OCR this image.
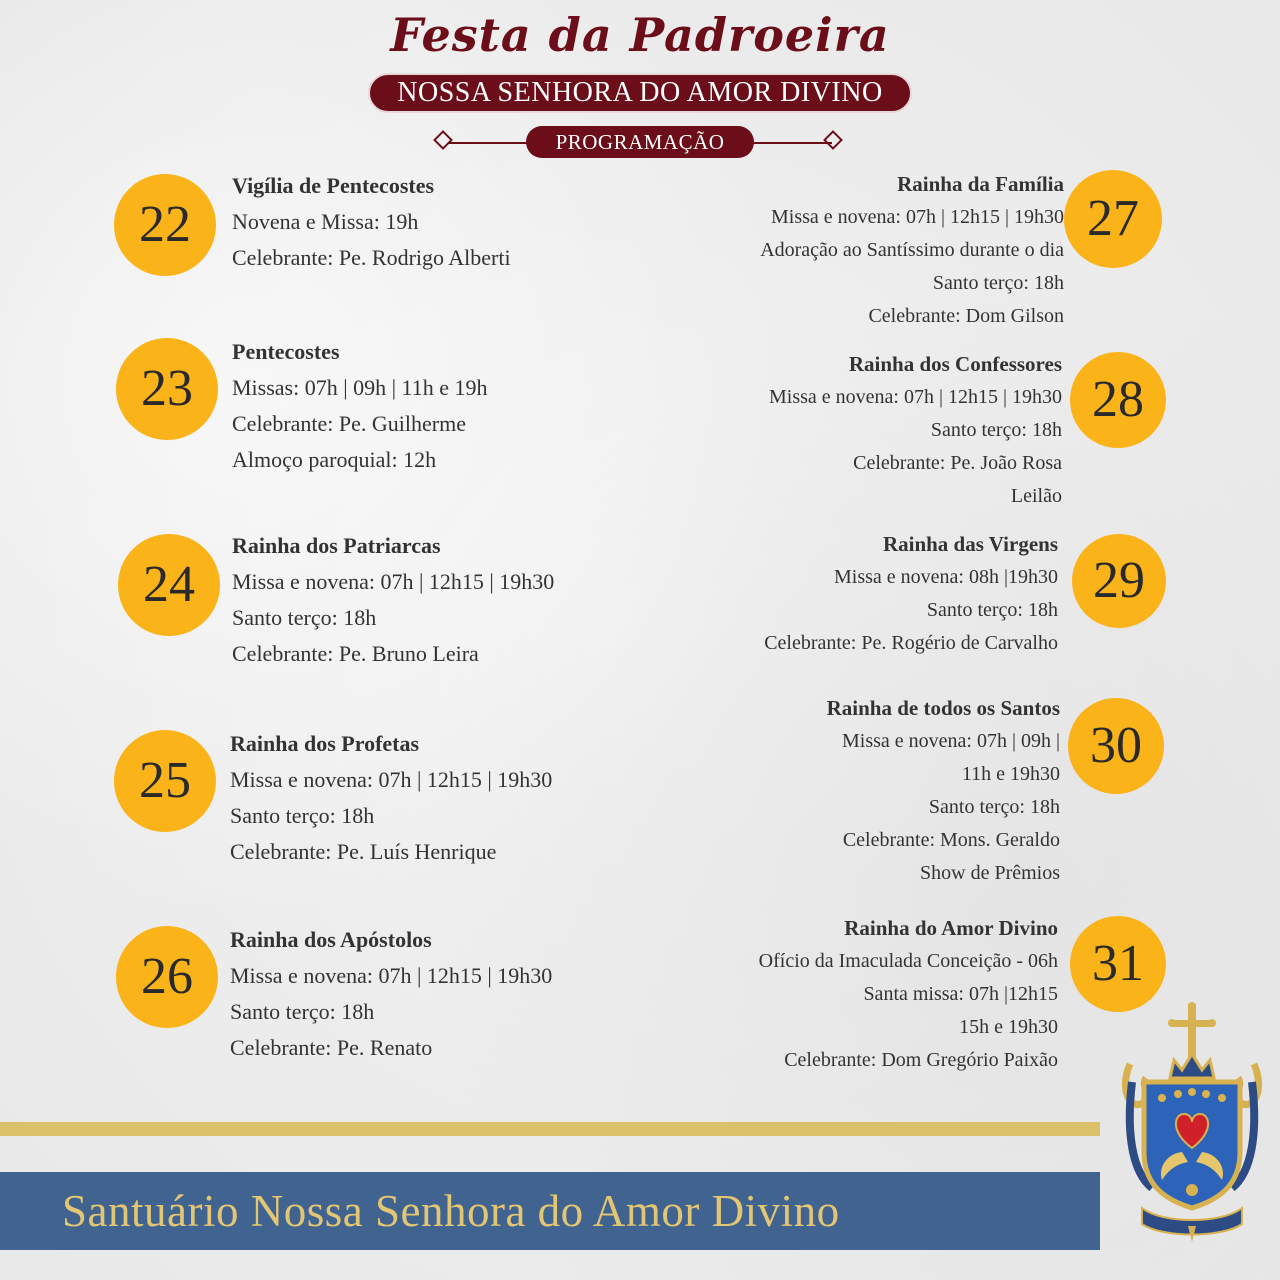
Festa da Padroeira
NOSSA SENHORA DO AMOR DIVINO
PROGRAMAÇÃO
22
Vigília de Pentecostes
Novena e Missa: 19h
Celebrante: Pe. Rodrigo Alberti
23
Pentecostes
Missas: 07h | 09h | 11h e 19h
Celebrante: Pe. Guilherme
Almoço paroquial: 12h
24
Rainha dos Patriarcas
Missa e novena: 07h | 12h15 | 19h30
Santo terço: 18h
Celebrante: Pe. Bruno Leira
25
Rainha dos Profetas
Missa e novena: 07h | 12h15 | 19h30
Santo terço: 18h
Celebrante: Pe. Luís Henrique
26
Rainha dos Apóstolos
Missa e novena: 07h | 12h15 | 19h30
Santo terço: 18h
Celebrante: Pe. Renato
Rainha da Família
Missa e novena: 07h | 12h15 | 19h30
Adoração ao Santíssimo durante o dia
Santo terço: 18h
Celebrante: Dom Gilson
27
Rainha dos Confessores
Missa e novena: 07h | 12h15 | 19h30
Santo terço: 18h
Celebrante: Pe. João Rosa
Leilão
28
Rainha das Virgens
Missa e novena: 08h |19h30
Santo terço: 18h
Celebrante: Pe. Rogério de Carvalho
29
Rainha de todos os Santos
Missa e novena: 07h | 09h |
11h e 19h30
Santo terço: 18h
Celebrante: Mons. Geraldo
Show de Prêmios
30
Rainha do Amor Divino
Ofício da Imaculada Conceição - 06h
Santa missa: 07h |12h15
15h e 19h30
Celebrante: Dom Gregório Paixão
31
Santuário Nossa Senhora do Amor Divino
